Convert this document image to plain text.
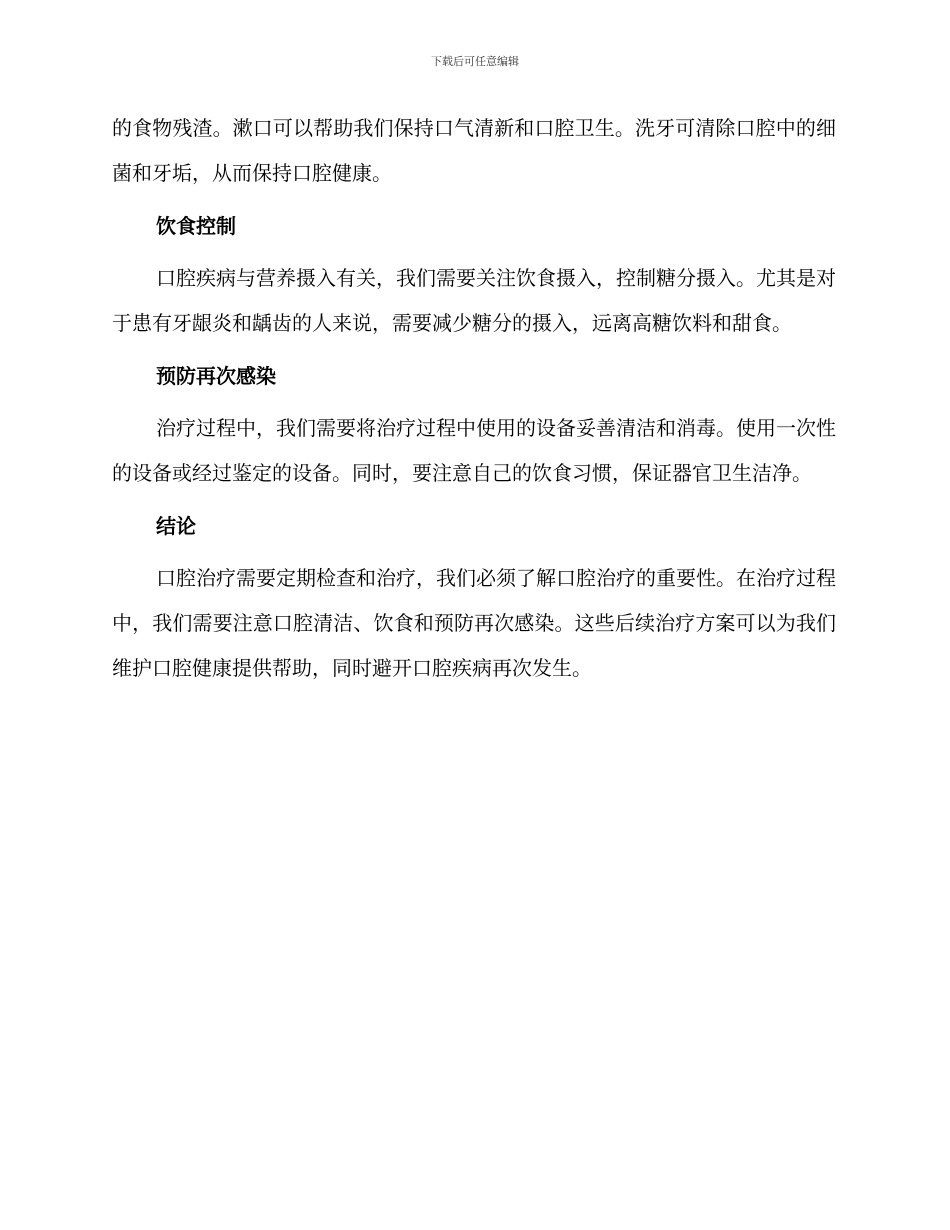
下载后可任意编辑

的食物残渣。漱口可以帮助我们保持口气清新和口腔卫生。洗牙可清除口腔中的细菌和牙垢，从而保持口腔健康。

饮食控制

口腔疾病与营养摄入有关，我们需要关注饮食摄入，控制糖分摄入。尤其是对于患有牙龈炎和龋齿的人来说，需要减少糖分的摄入，远离高糖饮料和甜食。

预防再次感染

治疗过程中，我们需要将治疗过程中使用的设备妥善清洁和消毒。使用一次性的设备或经过鉴定的设备。同时，要注意自己的饮食习惯，保证器官卫生洁净。

结论

口腔治疗需要定期检查和治疗，我们必须了解口腔治疗的重要性。在治疗过程中，我们需要注意口腔清洁、饮食和预防再次感染。这些后续治疗方案可以为我们维护口腔健康提供帮助，同时避开口腔疾病再次发生。
